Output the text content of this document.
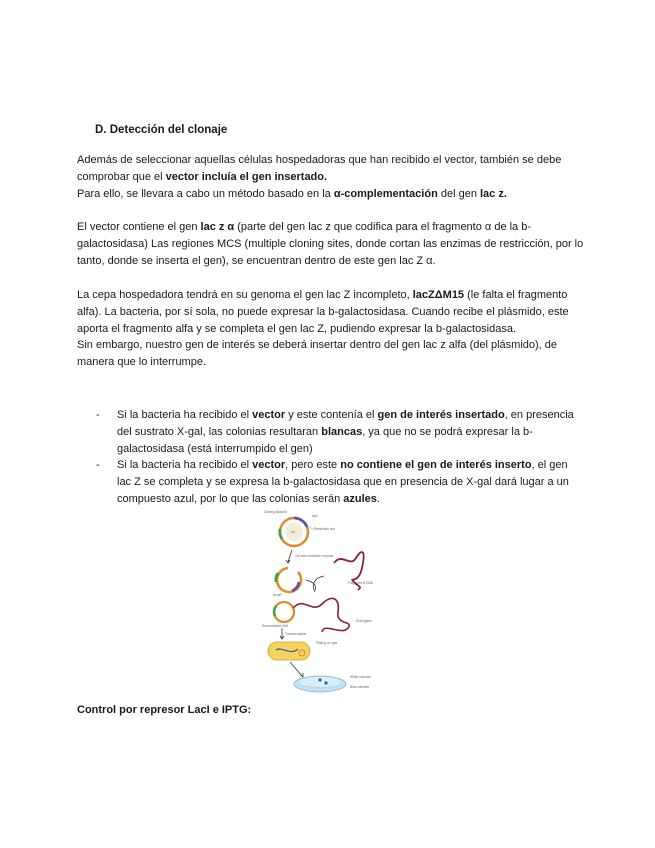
D. Detección del clonaje
Además de seleccionar aquellas células hospedadoras que han recibido el vector, también se debe comprobar que el vector incluía el gen insertado.
Para ello, se llevara a cabo un método basado en la α-complementación del gen lac z.
El vector contiene el gen lac z α (parte del gen lac z que codifica para el fragmento α de la b-galactosidasa) Las regiones MCS (multiple cloning sites, donde cortan las enzimas de restricción, por lo tanto, donde se inserta el gen), se encuentran dentro de este gen lac Z α.
La cepa hospedadora tendrá en su genoma el gen lac Z incompleto, lacZΔM15 (le falta el fragmento alfa). La bacteria, por sí sola, no puede expresar la b-galactosidasa. Cuando recibe el plásmido, este aporta el fragmento alfa y se completa el gen lac Z, pudiendo expresar la b-galactosidasa.
Sin embargo, nuestro gen de interés se deberá insertar dentro del gen lac z alfa (del plásmido), de manera que lo interrumpe.
- Si la bacteria ha recibido el vector y este contenía el gen de interés insertado, en presencia del sustrato X-gal, las colonias resultaran blancas, ya que no se podrá expresar la b-galactosidasa (está interrumpido el gen)
- Si la bacteria ha recibido el vector, pero este no contiene el gen de interés inserto, el gen lac Z se completa y se expresa la b-galactosidasa que en presencia de X-gal dará lugar a un compuesto azul, por lo que las colonias serán azules.
Cloning plasmid
ori
lacZ
Restriction site
Cut with restriction enzyme
AmpR
Fragment of DNA
DNA ligase
Recombinant DNA
Transformation
Plating on agar
White colonies
Blue colonies
Control por represor LacI e IPTG:
